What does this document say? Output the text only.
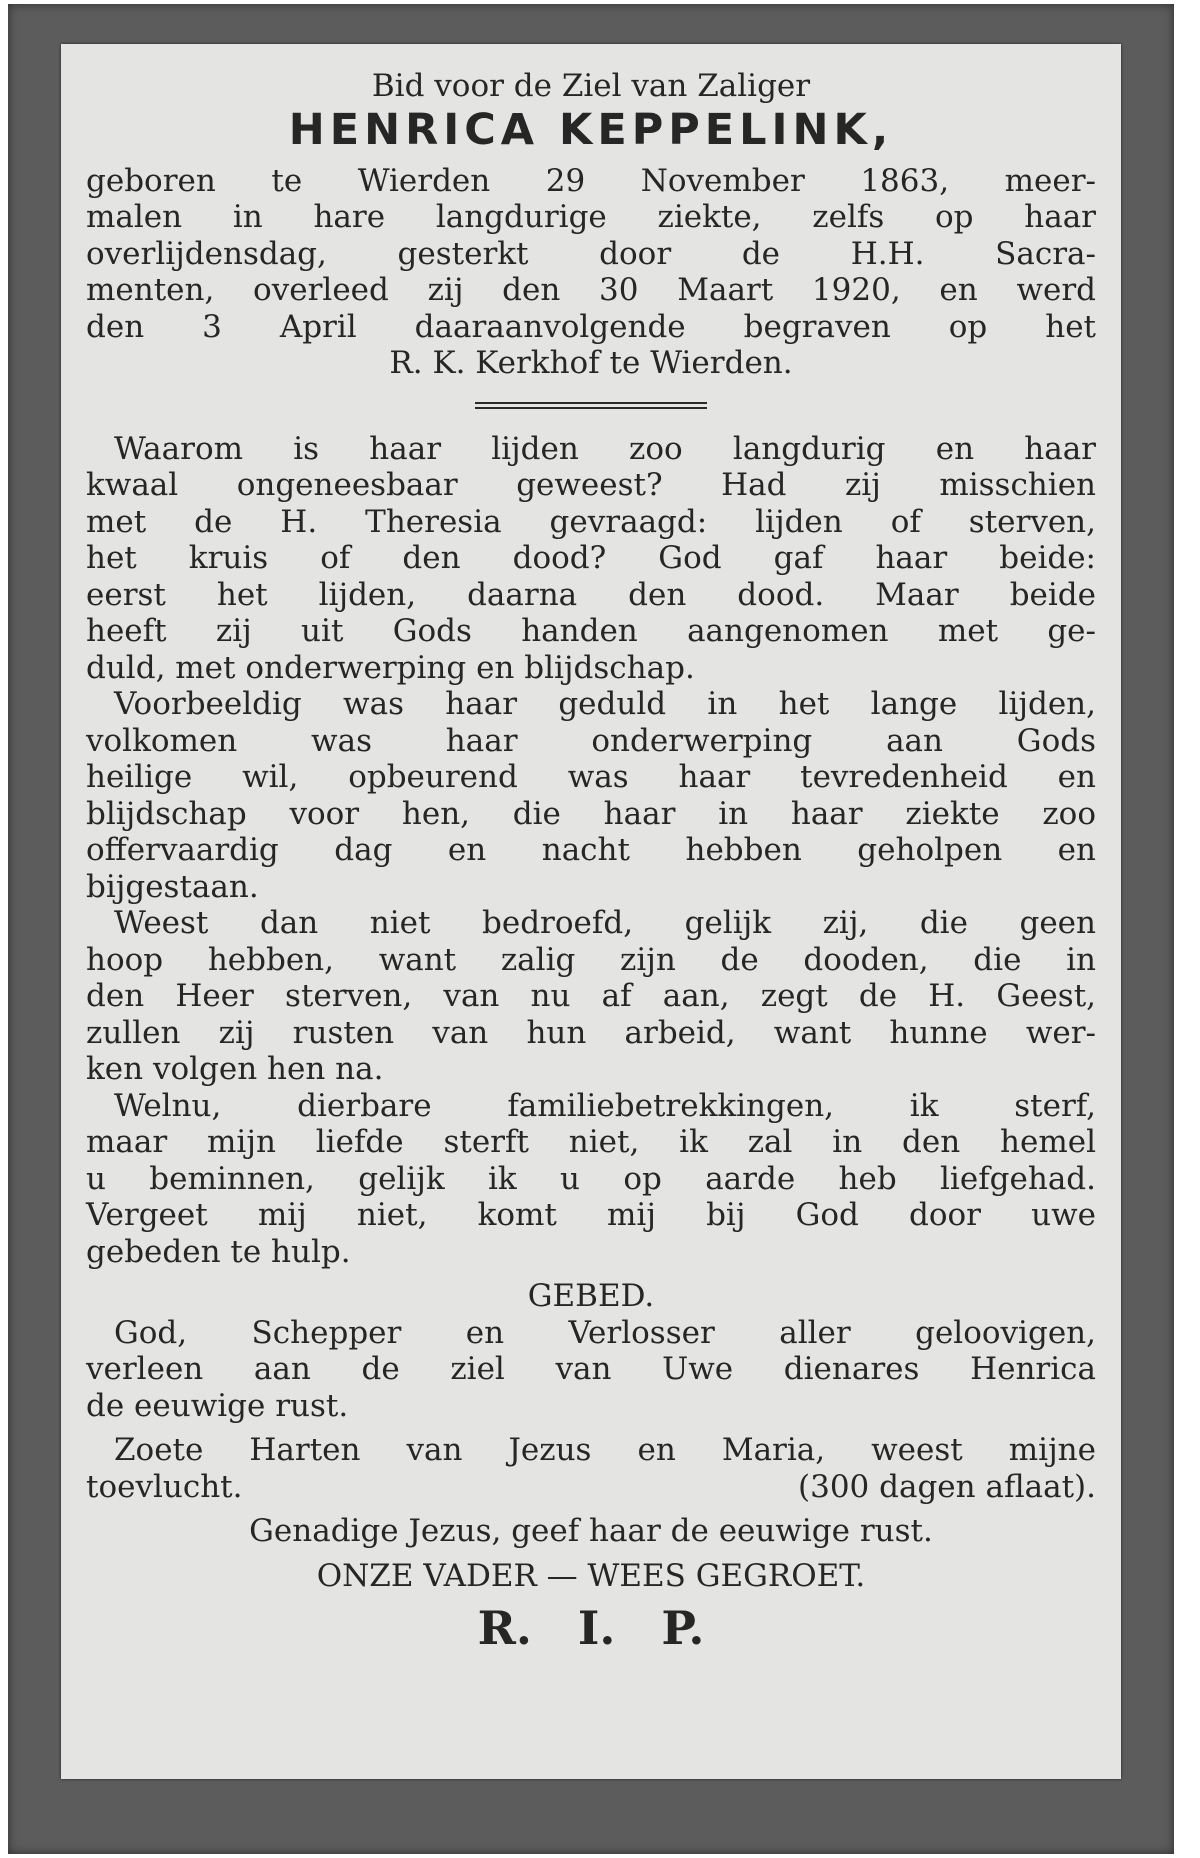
Bid voor de Ziel van Zaliger
HENRICA KEPPELINK,
geboren te Wierden 29 November 1863, meer-
malen in hare langdurige ziekte, zelfs op haar
overlijdensdag, gesterkt door de H.H. Sacra-
menten, overleed zij den 30 Maart 1920, en werd
den 3 April daaraanvolgende begraven op het
R. K. Kerkhof te Wierden.
Waarom is haar lijden zoo langdurig en haar
kwaal ongeneesbaar geweest? Had zij misschien
met de H. Theresia gevraagd: lijden of sterven,
het kruis of den dood? God gaf haar beide:
eerst het lijden, daarna den dood. Maar beide
heeft zij uit Gods handen aangenomen met ge-
duld, met onderwerping en blijdschap.
Voorbeeldig was haar geduld in het lange lijden,
volkomen was haar onderwerping aan Gods
heilige wil, opbeurend was haar tevredenheid en
blijdschap voor hen, die haar in haar ziekte zoo
offervaardig dag en nacht hebben geholpen en
bijgestaan.
Weest dan niet bedroefd, gelijk zij, die geen
hoop hebben, want zalig zijn de dooden, die in
den Heer sterven, van nu af aan, zegt de H. Geest,
zullen zij rusten van hun arbeid, want hunne wer-
ken volgen hen na.
Welnu, dierbare familiebetrekkingen, ik sterf,
maar mijn liefde sterft niet, ik zal in den hemel
u beminnen, gelijk ik u op aarde heb liefgehad.
Vergeet mij niet, komt mij bij God door uwe
gebeden te hulp.
GEBED.
God, Schepper en Verlosser aller geloovigen,
verleen aan de ziel van Uwe dienares Henrica
de eeuwige rust.
Zoete Harten van Jezus en Maria, weest mijne
toevlucht.	(300 dagen aflaat).
Genadige Jezus, geef haar de eeuwige rust.
ONZE VADER — WEES GEGROET.
R. I. P.
